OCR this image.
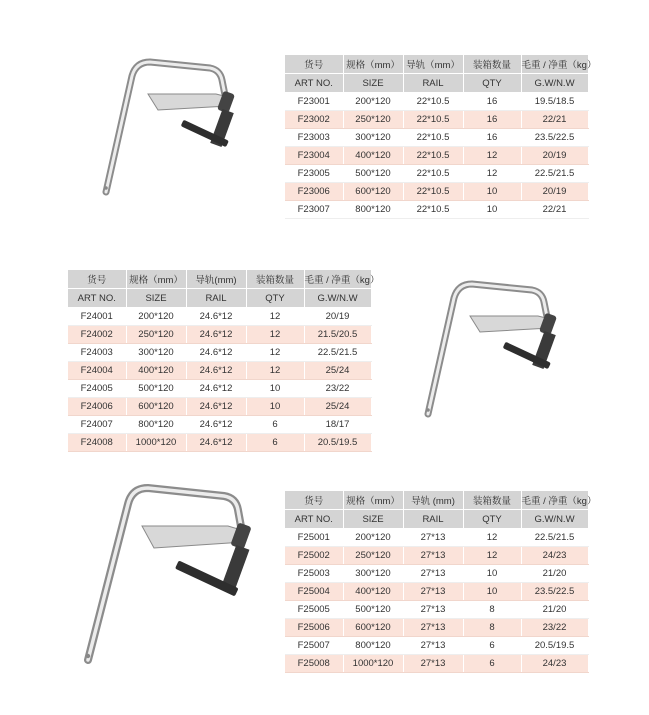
货号	规格（mm）	导轨（mm）	装箱数量	毛重 / 净重（kg）
ART NO.	SIZE	RAIL	QTY	G.W/N.W
F23001	200*120	22*10.5	16	19.5/18.5
F23002	250*120	22*10.5	16	22/21
F23003	300*120	22*10.5	16	23.5/22.5
F23004	400*120	22*10.5	12	20/19
F23005	500*120	22*10.5	12	22.5/21.5
F23006	600*120	22*10.5	10	20/19
F23007	800*120	22*10.5	10	22/21
货号	规格（mm）	导轨(mm)	装箱数量	毛重 / 净重（kg）
ART NO.	SIZE	RAIL	QTY	G.W/N.W
F24001	200*120	24.6*12	12	20/19
F24002	250*120	24.6*12	12	21.5/20.5
F24003	300*120	24.6*12	12	22.5/21.5
F24004	400*120	24.6*12	12	25/24
F24005	500*120	24.6*12	10	23/22
F24006	600*120	24.6*12	10	25/24
F24007	800*120	24.6*12	6	18/17
F24008	1000*120	24.6*12	6	20.5/19.5
货号	规格（mm）	导轨 (mm)	装箱数量	毛重 / 净重（kg）
ART NO.	SIZE	RAIL	QTY	G.W/N.W
F25001	200*120	27*13	12	22.5/21.5
F25002	250*120	27*13	12	24/23
F25003	300*120	27*13	10	21/20
F25004	400*120	27*13	10	23.5/22.5
F25005	500*120	27*13	8	21/20
F25006	600*120	27*13	8	23/22
F25007	800*120	27*13	6	20.5/19.5
F25008	1000*120	27*13	6	24/23
